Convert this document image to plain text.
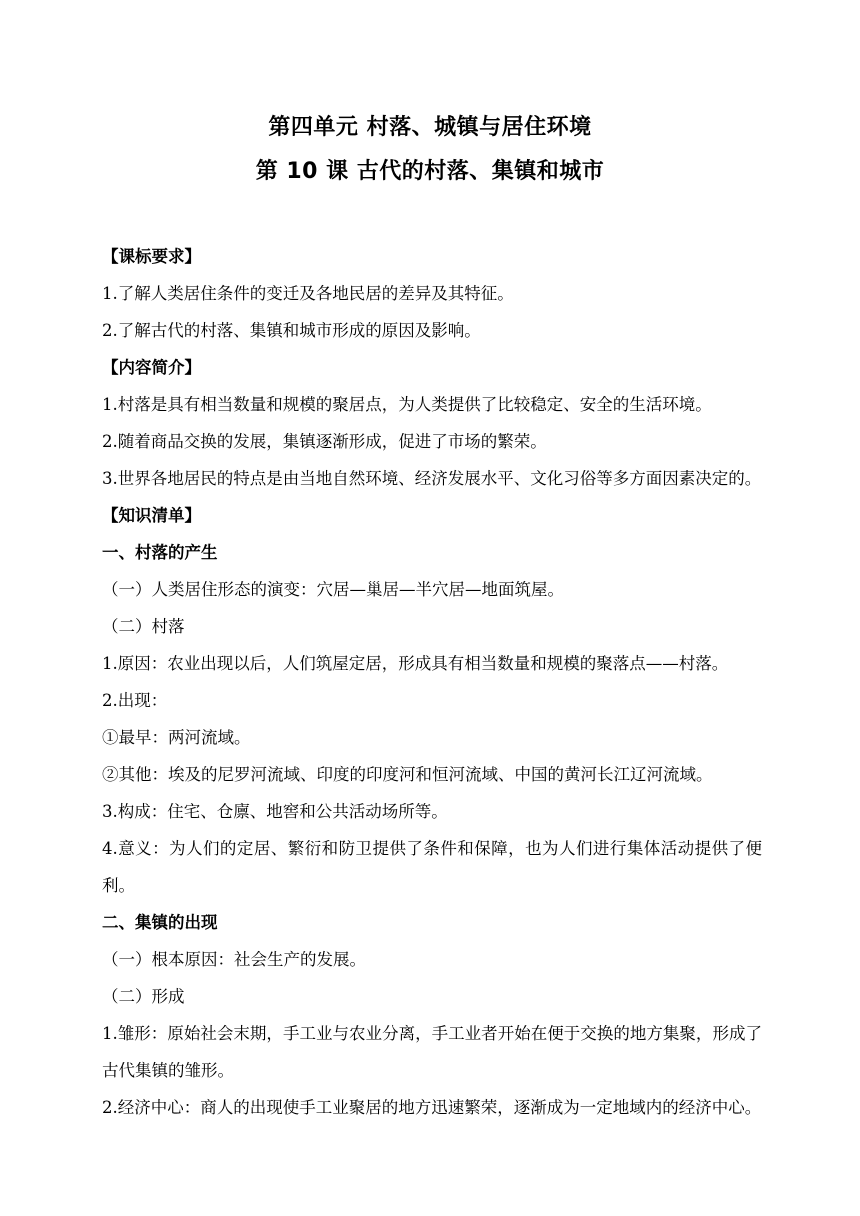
第四单元 村落、城镇与居住环境
第 10 课 古代的村落、集镇和城市
【课标要求】
1.了解人类居住条件的变迁及各地民居的差异及其特征。
2.了解古代的村落、集镇和城市形成的原因及影响。
【内容简介】
1.村落是具有相当数量和规模的聚居点，为人类提供了比较稳定、安全的生活环境。
2.随着商品交换的发展，集镇逐渐形成，促进了市场的繁荣。
3.世界各地居民的特点是由当地自然环境、经济发展水平、文化习俗等多方面因素决定的。
【知识清单】
一、村落的产生
（一）人类居住形态的演变：穴居—巢居—半穴居—地面筑屋。
（二）村落
1.原因：农业出现以后，人们筑屋定居，形成具有相当数量和规模的聚落点——村落。
2.出现：
①最早：两河流域。
②其他：埃及的尼罗河流域、印度的印度河和恒河流域、中国的黄河长江辽河流域。
3.构成：住宅、仓廪、地窖和公共活动场所等。
4.意义：为人们的定居、繁衍和防卫提供了条件和保障，也为人们进行集体活动提供了便利。
二、集镇的出现
（一）根本原因：社会生产的发展。
（二）形成
1.雏形：原始社会末期，手工业与农业分离，手工业者开始在便于交换的地方集聚，形成了古代集镇的雏形。
2.经济中心：商人的出现使手工业聚居的地方迅速繁荣，逐渐成为一定地域内的经济中心。
